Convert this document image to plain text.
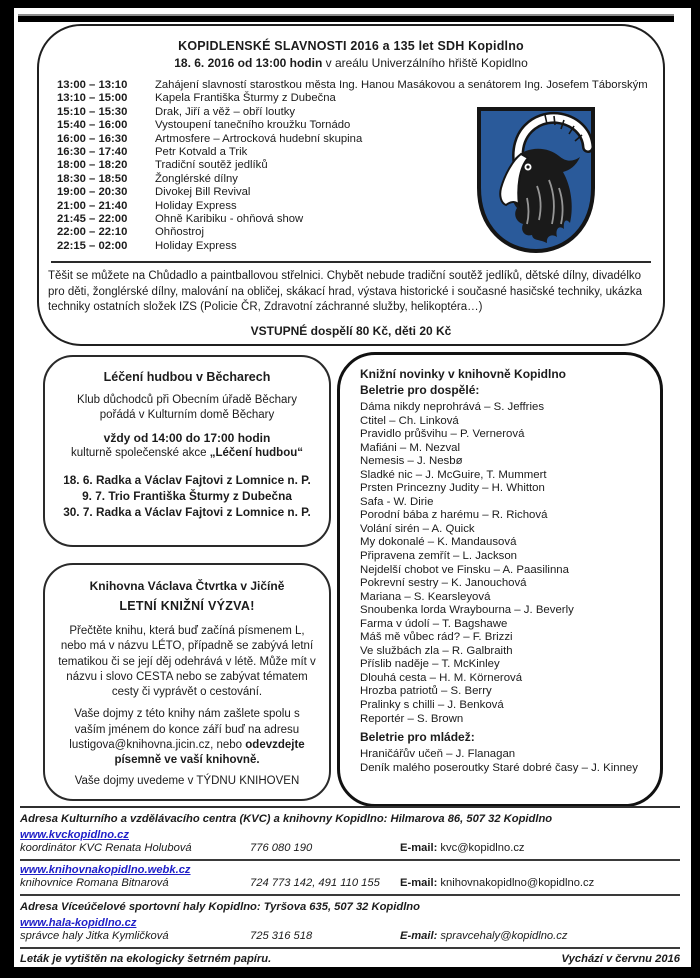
KOPIDLENSKÉ SLAVNOSTI 2016 a 135 let SDH Kopidlno
18. 6. 2016 od 13:00 hodin v areálu Univerzálního hřiště Kopidlno
13:00 – 13:10	Zahájení slavností starostkou města Ing. Hanou Masákovou a senátorem Ing. Josefem Táborským
13:10 – 15:00	Kapela Františka Šturmy z Dubečna
15:10 – 15:30	Drak, Jiří a věž – obří loutky
15:40 – 16:00	Vystoupení tanečního kroužku Tornádo
16:00 – 16:30	Artmosfere – Artrocková hudební skupina
16:30 – 17:40	Petr Kotvald a Trik
18:00 – 18:20	Tradiční soutěž jedlíků
18:30 – 18:50	Žonglérské dílny
19:00 – 20:30	Divokej Bill Revival
21:00 – 21:40	Holiday Express
21:45 – 22:00	Ohně Karibiku - ohňová show
22:00 – 22:10	Ohňostroj
22:15 – 02:00	Holiday Express
Těšit se můžete na Chůdadlo a paintballovou střelnici. Chybět nebude tradiční soutěž jedlíků, dětské dílny, divadélko pro děti, žonglérské dílny, malování na obličej, skákací hrad, výstava historické i současné hasičské techniky, ukázka techniky ostatních složek IZS (Policie ČR, Zdravotní záchranné služby, helikoptéra…)
VSTUPNÉ dospělí 80 Kč, děti 20 Kč
Léčení hudbou v Běcharech
Klub důchodců při Obecním úřadě Běchary
pořádá v Kulturním domě Běchary
vždy od 14:00 do 17:00 hodin
kulturně společenské akce „Léčení hudbou“
18. 6. Radka a Václav Fajtovi z Lomnice n. P.
9. 7. Trio Františka Šturmy z Dubečna
30. 7. Radka a Václav Fajtovi z Lomnice n. P.
Knihovna Václava Čtvrtka v Jičíně
LETNÍ KNIŽNÍ VÝZVA!
Přečtěte knihu, která buď začíná písmenem L, nebo má v názvu LÉTO, případně se zabývá letní tematikou či se její děj odehrává v létě. Může mít v názvu i slovo CESTA nebo se zabývat tématem cesty či vyprávět o cestování.
Vaše dojmy z této knihy nám zašlete spolu s vaším jménem do konce září buď na adresu lustigova@knihovna.jicin.cz, nebo odevzdejte písemně ve vaší knihovně.
Vaše dojmy uvedeme v TÝDNU KNIHOVEN
Knižní novinky v knihovně Kopidlno
Beletrie pro dospělé:
Dáma nikdy neprohrává – S. Jeffries
Ctitel – Ch. Linková
Pravidlo průšvihu – P. Vernerová
Mafiáni – M. Nezval
Nemesis – J. Nesbø
Sladké nic – J. McGuire, T. Mummert
Prsten Princezny Judity – H. Whitton
Safa - W. Dirie
Porodní bába z harému – R. Richová
Volání sirén – A. Quick
My dokonalé – K. Mandausová
Připravena zemřít – L. Jackson
Nejdelší chobot ve Finsku – A. Paasilinna
Pokrevní sestry – K. Janouchová
Mariana – S. Kearsleyová
Snoubenka lorda Wraybourna – J. Beverly
Farma v údolí – T. Bagshawe
Máš mě vůbec rád? – F. Brizzi
Ve službách zla – R. Galbraith
Příslib naděje – T. McKinley
Dlouhá cesta – H. M. Körnerová
Hrozba patriotů – S. Berry
Pralinky s chilli – J. Benková
Reportér – S. Brown
Beletrie pro mládež:
Hraničářův učeň – J. Flanagan
Deník malého poseroutky Staré dobré časy – J. Kinney
Adresa Kulturního a vzdělávacího centra (KVC) a knihovny Kopidlno: Hilmarova 86, 507 32 Kopidlno
www.kvckopidlno.cz
koordinátor KVC Renata Holubová	776 080 190	E-mail: kvc@kopidlno.cz
www.knihovnakopidlno.webk.cz
knihovnice Romana Bitnarová	724 773 142, 491 110 155	E-mail: knihovnakopidlno@kopidlno.cz
Adresa Víceúčelové sportovní haly Kopidlno: Tyršova 635, 507 32 Kopidlno
www.hala-kopidlno.cz
správce haly Jitka Kymličková	725 316 518	E-mail: spravcehaly@kopidlno.cz
Leták je vytištěn na ekologicky šetrném papíru.	Vychází v červnu 2016
